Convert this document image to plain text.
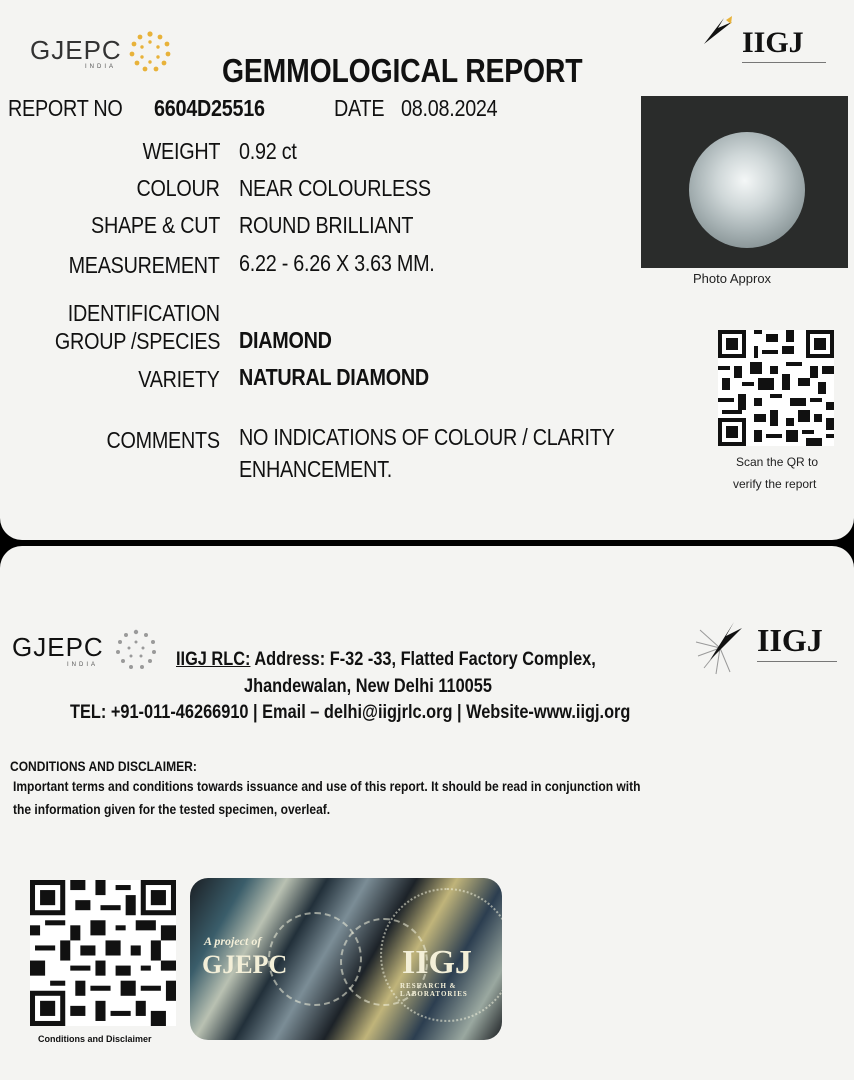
GJEPC
INDIA
IIGJ
GEMMOLOGICAL REPORT
REPORT NO	6604D25516	DATE 08.08.2024
WEIGHT 0.92 ct
COLOUR NEAR COLOURLESS
SHAPE & CUT ROUND BRILLIANT
MEASUREMENT 6.22 - 6.26 X 3.63 MM.
IDENTIFICATION
GROUP /SPECIES DIAMOND
VARIETY NATURAL DIAMOND
COMMENTS NO INDICATIONS OF COLOUR / CLARITY
ENHANCEMENT.
Photo Approx
Scan the QR to
verify the report
GJEPC
INDIA
IIGJ
IIGJ RLC: Address: F-32 -33, Flatted Factory Complex,
Jhandewalan, New Delhi 110055
TEL: +91-011-46266910 | Email – delhi@iigjrlc.org | Website-www.iigj.org
CONDITIONS AND DISCLAIMER:
Important terms and conditions towards issuance and use of this report. It should be read in conjunction with
the information given for the tested specimen, overleaf.
Conditions and Disclaimer
A project of
GJEPC	IIGJ
RESEARCH & LABORATORIES
